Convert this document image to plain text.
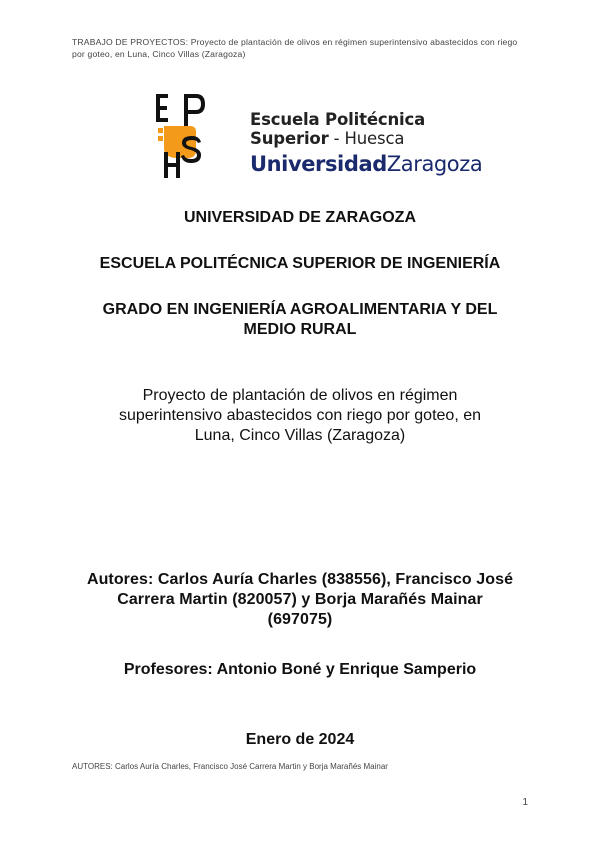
TRABAJO DE PROYECTOS: Proyecto de plantación de olivos en régimen superintensivo abastecidos con riego por goteo, en Luna, Cinco Villas (Zaragoza)
Escuela Politécnica
Superior - Huesca
UniversidadZaragoza
UNIVERSIDAD DE ZARAGOZA
ESCUELA POLITÉCNICA SUPERIOR DE INGENIERÍA
GRADO EN INGENIERÍA AGROALIMENTARIA Y DEL
MEDIO RURAL
Proyecto de plantación de olivos en régimen
superintensivo abastecidos con riego por goteo, en
Luna, Cinco Villas (Zaragoza)
Autores: Carlos Auría Charles (838556), Francisco José
Carrera Martin (820057) y Borja Marañés Mainar
(697075)
Profesores: Antonio Boné y Enrique Samperio
Enero de 2024
AUTORES: Carlos Auría Charles, Francisco José Carrera Martin y Borja Marañés Mainar
1
